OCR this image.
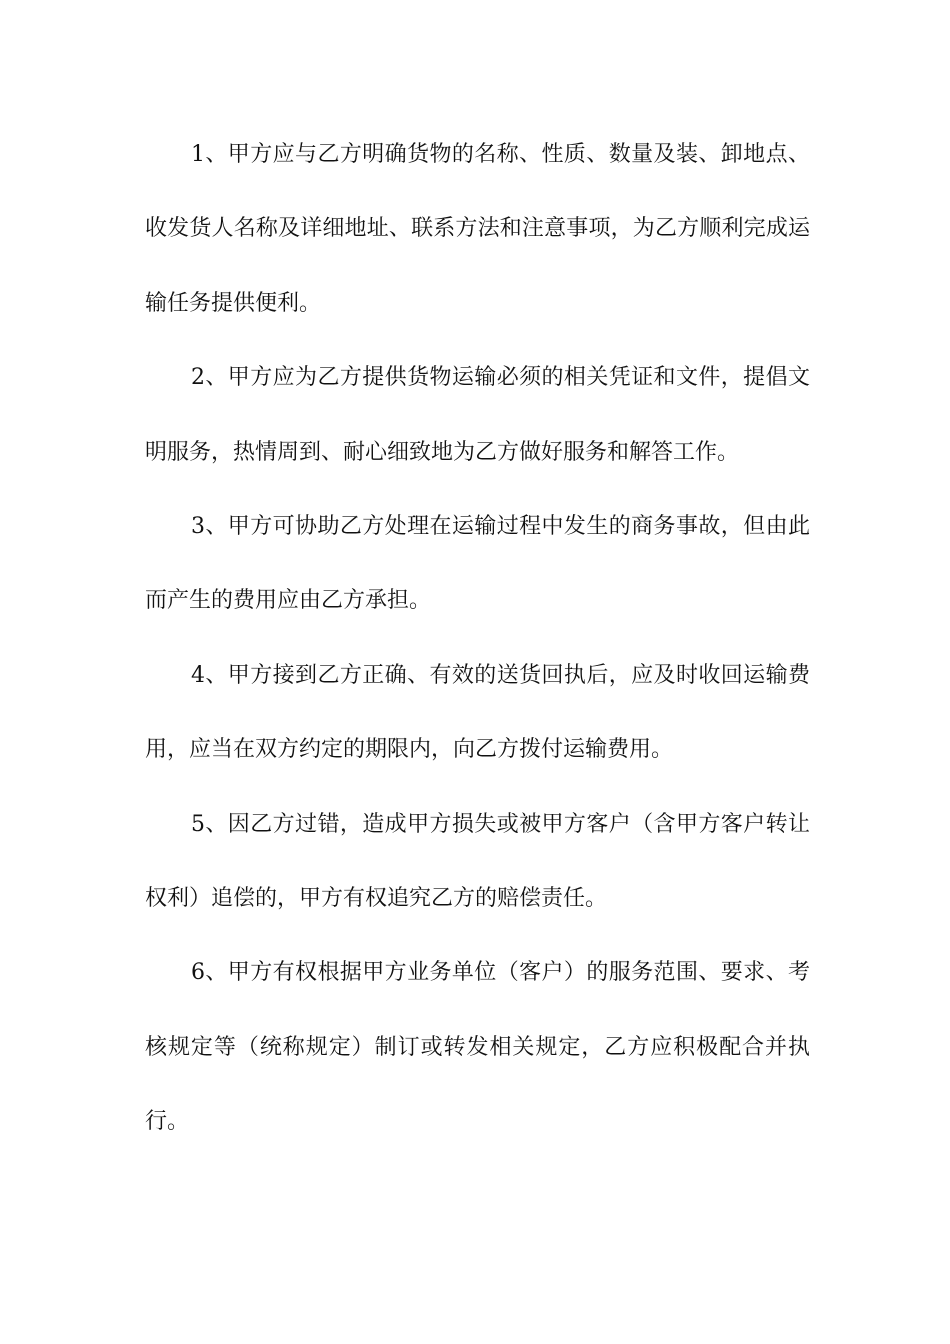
1、甲方应与乙方明确货物的名称、性质、数量及装、卸地点、收发货人名称及详细地址、联系方法和注意事项，为乙方顺利完成运输任务提供便利。

2、甲方应为乙方提供货物运输必须的相关凭证和文件，提倡文明服务，热情周到、耐心细致地为乙方做好服务和解答工作。

3、甲方可协助乙方处理在运输过程中发生的商务事故，但由此而产生的费用应由乙方承担。

4、甲方接到乙方正确、有效的送货回执后，应及时收回运输费用，应当在双方约定的期限内，向乙方拨付运输费用。

5、因乙方过错，造成甲方损失或被甲方客户（含甲方客户转让权利）追偿的，甲方有权追究乙方的赔偿责任。

6、甲方有权根据甲方业务单位（客户）的服务范围、要求、考核规定等（统称规定）制订或转发相关规定，乙方应积极配合并执行。
